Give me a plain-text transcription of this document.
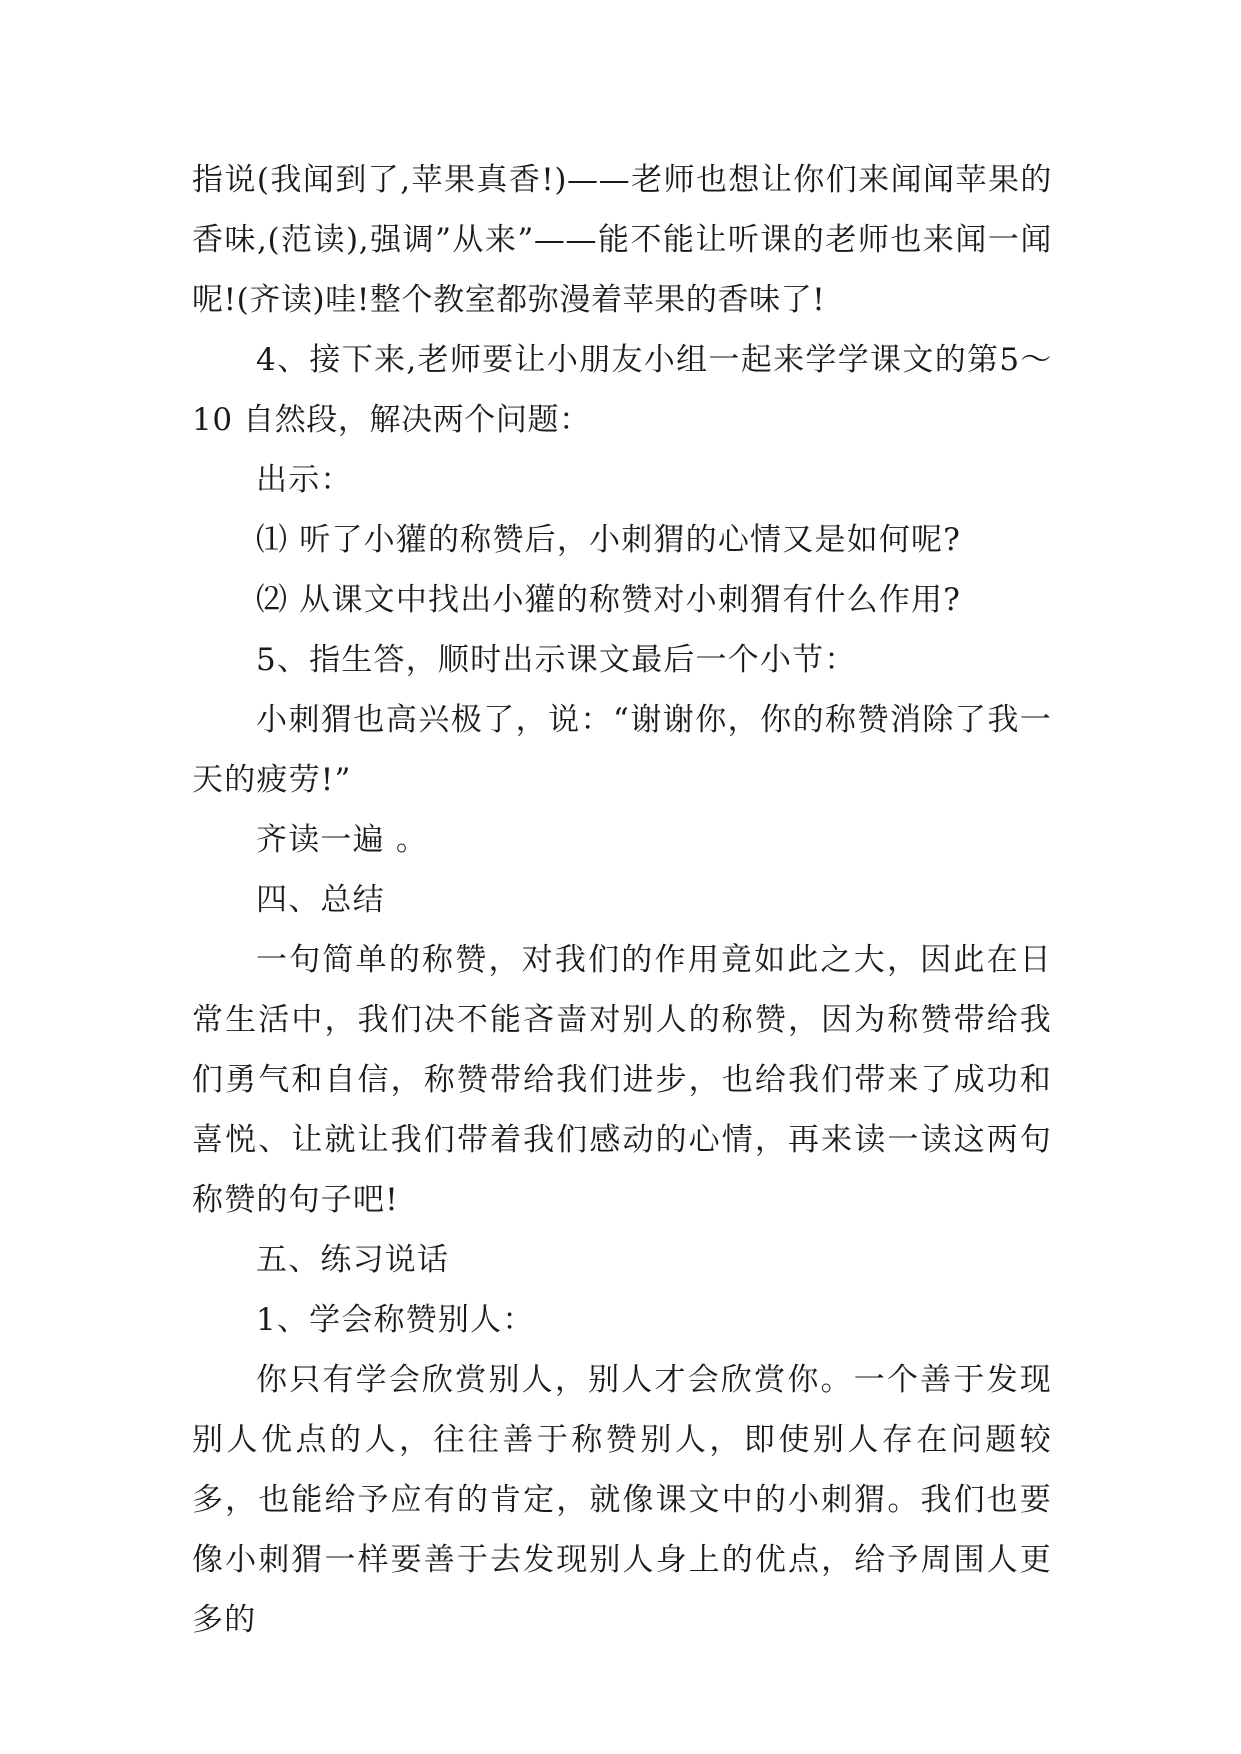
指说(我闻到了,苹果真香!)——老师也想让你们来闻闻苹果的香味,(范读),强调”从来”——能不能让听课的老师也来闻一闻呢!(齐读)哇!整个教室都弥漫着苹果的香味了!

4、接下来,老师要让小朋友小组一起来学学课文的第5～10 自然段，解决两个问题：

出示：

⑴ 听了小獾的称赞后，小刺猬的心情又是如何呢?

⑵ 从课文中找出小獾的称赞对小刺猬有什么作用?

5、指生答，顺时出示课文最后一个小节：

小刺猬也高兴极了，说：“谢谢你，你的称赞消除了我一天的疲劳!”

齐读一遍 。

四、总结

一句简单的称赞，对我们的作用竟如此之大，因此在日常生活中，我们决不能吝啬对别人的称赞，因为称赞带给我们勇气和自信，称赞带给我们进步，也给我们带来了成功和喜悦、让就让我们带着我们感动的心情，再来读一读这两句称赞的句子吧!

五、练习说话

1、学会称赞别人：

你只有学会欣赏别人，别人才会欣赏你。一个善于发现别人优点的人，往往善于称赞别人，即使别人存在问题较多，也能给予应有的肯定，就像课文中的小刺猬。我们也要像小刺猬一样要善于去发现别人身上的优点，给予周围人更多的
